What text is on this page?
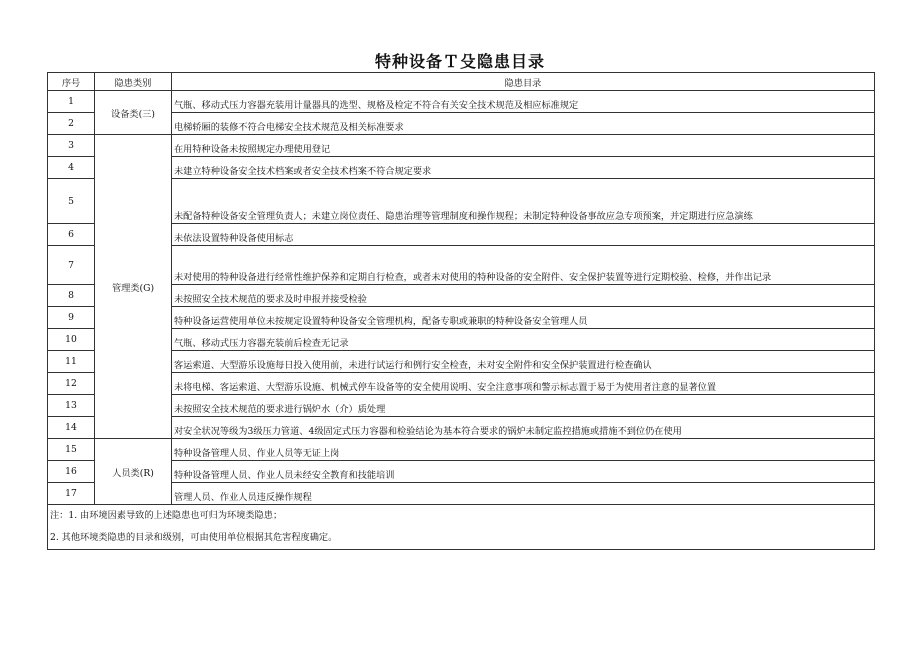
特种设备Ｔ殳隐患目录
序号	隐患类别	隐患目录
1	设备类(三)	气瓶、移动式压力容器充装用计量器具的选型、规格及检定不符合有关安全技术规范及相应标准规定
2		电梯轿厢的装修不符合电梯安全技术规范及相关标准要求
3	管理类(G)	在用特种设备未按照规定办理使用登记
4		未建立特种设备安全技术档案或者安全技术档案不符合规定要求
5		未配备特种设备安全管理负责人；未建立岗位责任、隐患治理等管理制度和操作规程；未制定特种设备事故应急专项预案，并定期进行应急演练
6		未依法设置特种设备使用标志
7		未对使用的特种设备进行经常性维护保养和定期自行检查，或者未对使用的特种设备的安全附件、安全保护装置等进行定期校验、检修，并作出记录
8		未按照安全技术规范的要求及时申报并接受检验
9		特种设备运营使用单位未按规定设置特种设备安全管理机构，配备专职或兼职的特种设备安全管理人员
10		气瓶、移动式压力容器充装前后检查无记录
11		客运索道、大型游乐设施每日投入使用前，未进行试运行和例行安全检查，未对安全附件和安全保护装置进行检查确认
12		未将电梯、客运索道、大型游乐设施、机械式停车设备等的安全使用说明、安全注意事项和警示标志置于易于为使用者注意的显著位置
13		未按照安全技术规范的要求进行锅炉水（介）质处理
14		对安全状况等级为3级压力管道、4级固定式压力容器和检验结论为基本符合要求的锅炉未制定监控措施或措施不到位仍在使用
15	人员类(R)	特种设备管理人员、作业人员等无证上岗
16		特种设备管理人员、作业人员未经安全教育和技能培训
17		管理人员、作业人员违反操作规程

注：1. 由环境因素导致的上述隐患也可归为环境类隐患；
2. 其他环境类隐患的目录和级别，可由使用单位根据其危害程度确定。		
